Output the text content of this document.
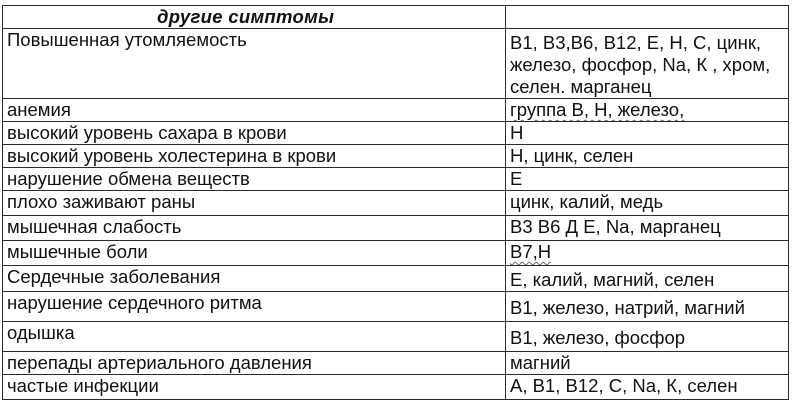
другие симптомы	
Повышенная утомляемость	В1, В3,В6, В12, Е, Н, С, цинк, железо, фосфор, Na, К , хром, селен. марганец
анемия	группа В, Н, железо,
высокий уровень сахара в крови	Н
высокий уровень холестерина в крови	Н, цинк, селен
нарушение обмена веществ	Е
плохо заживают раны	цинк, калий, медь
мышечная слабость	В3 В6 Д Е, Na, марганец
мышечные боли	В7,Н
Сердечные заболевания	Е, калий, магний, селен
нарушение сердечного ритма	В1, железо, натрий, магний
одышка	В1, железо, фосфор
перепады артериального давления	магний
частые инфекции	А, В1, В12, С, Na, К, селен
